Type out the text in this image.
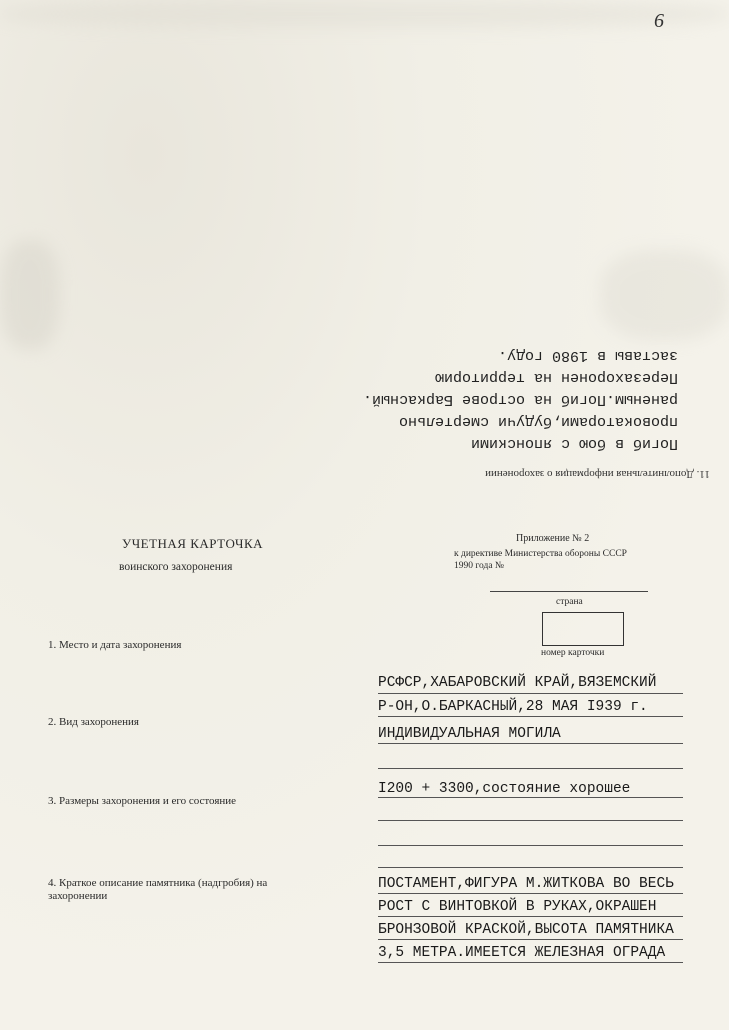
6
11. Дополнительная информация о захоронении
Погиб в бою с японскими
провокаторами,будучи смертельно
раненым.Погиб на острове Баркасный.
Перезахоронен на территорию
заставы в 1980 году.
УЧЕТНАЯ КАРТОЧКА
воинского захоронения
Приложение № 2
к директиве Министерства обороны СССР
1990 года №
страна
номер карточки
1. Место и дата захоронения
РСФСР,ХАБАРОВСКИЙ КРАЙ,ВЯЗЕМСКИЙ
Р-ОН,О.БАРКАСНЫЙ,28 МАЯ I939 г.
2. Вид захоронения
ИНДИВИДУАЛЬНАЯ МОГИЛА
3. Размеры захоронения и его состояние
I200 + 3300,состояние хорошее
4. Краткое описание памятника (надгробия) на
захоронении
ПОСТАМЕНТ,ФИГУРА М.ЖИТКОВА ВО ВЕСЬ
РОСТ С ВИНТОВКОЙ В РУКАХ,ОКРАШЕН
БРОНЗОВОЙ КРАСКОЙ,ВЫСОТА ПАМЯТНИКА
3,5 МЕТРА.ИМЕЕТСЯ ЖЕЛЕЗНАЯ ОГРАДА
